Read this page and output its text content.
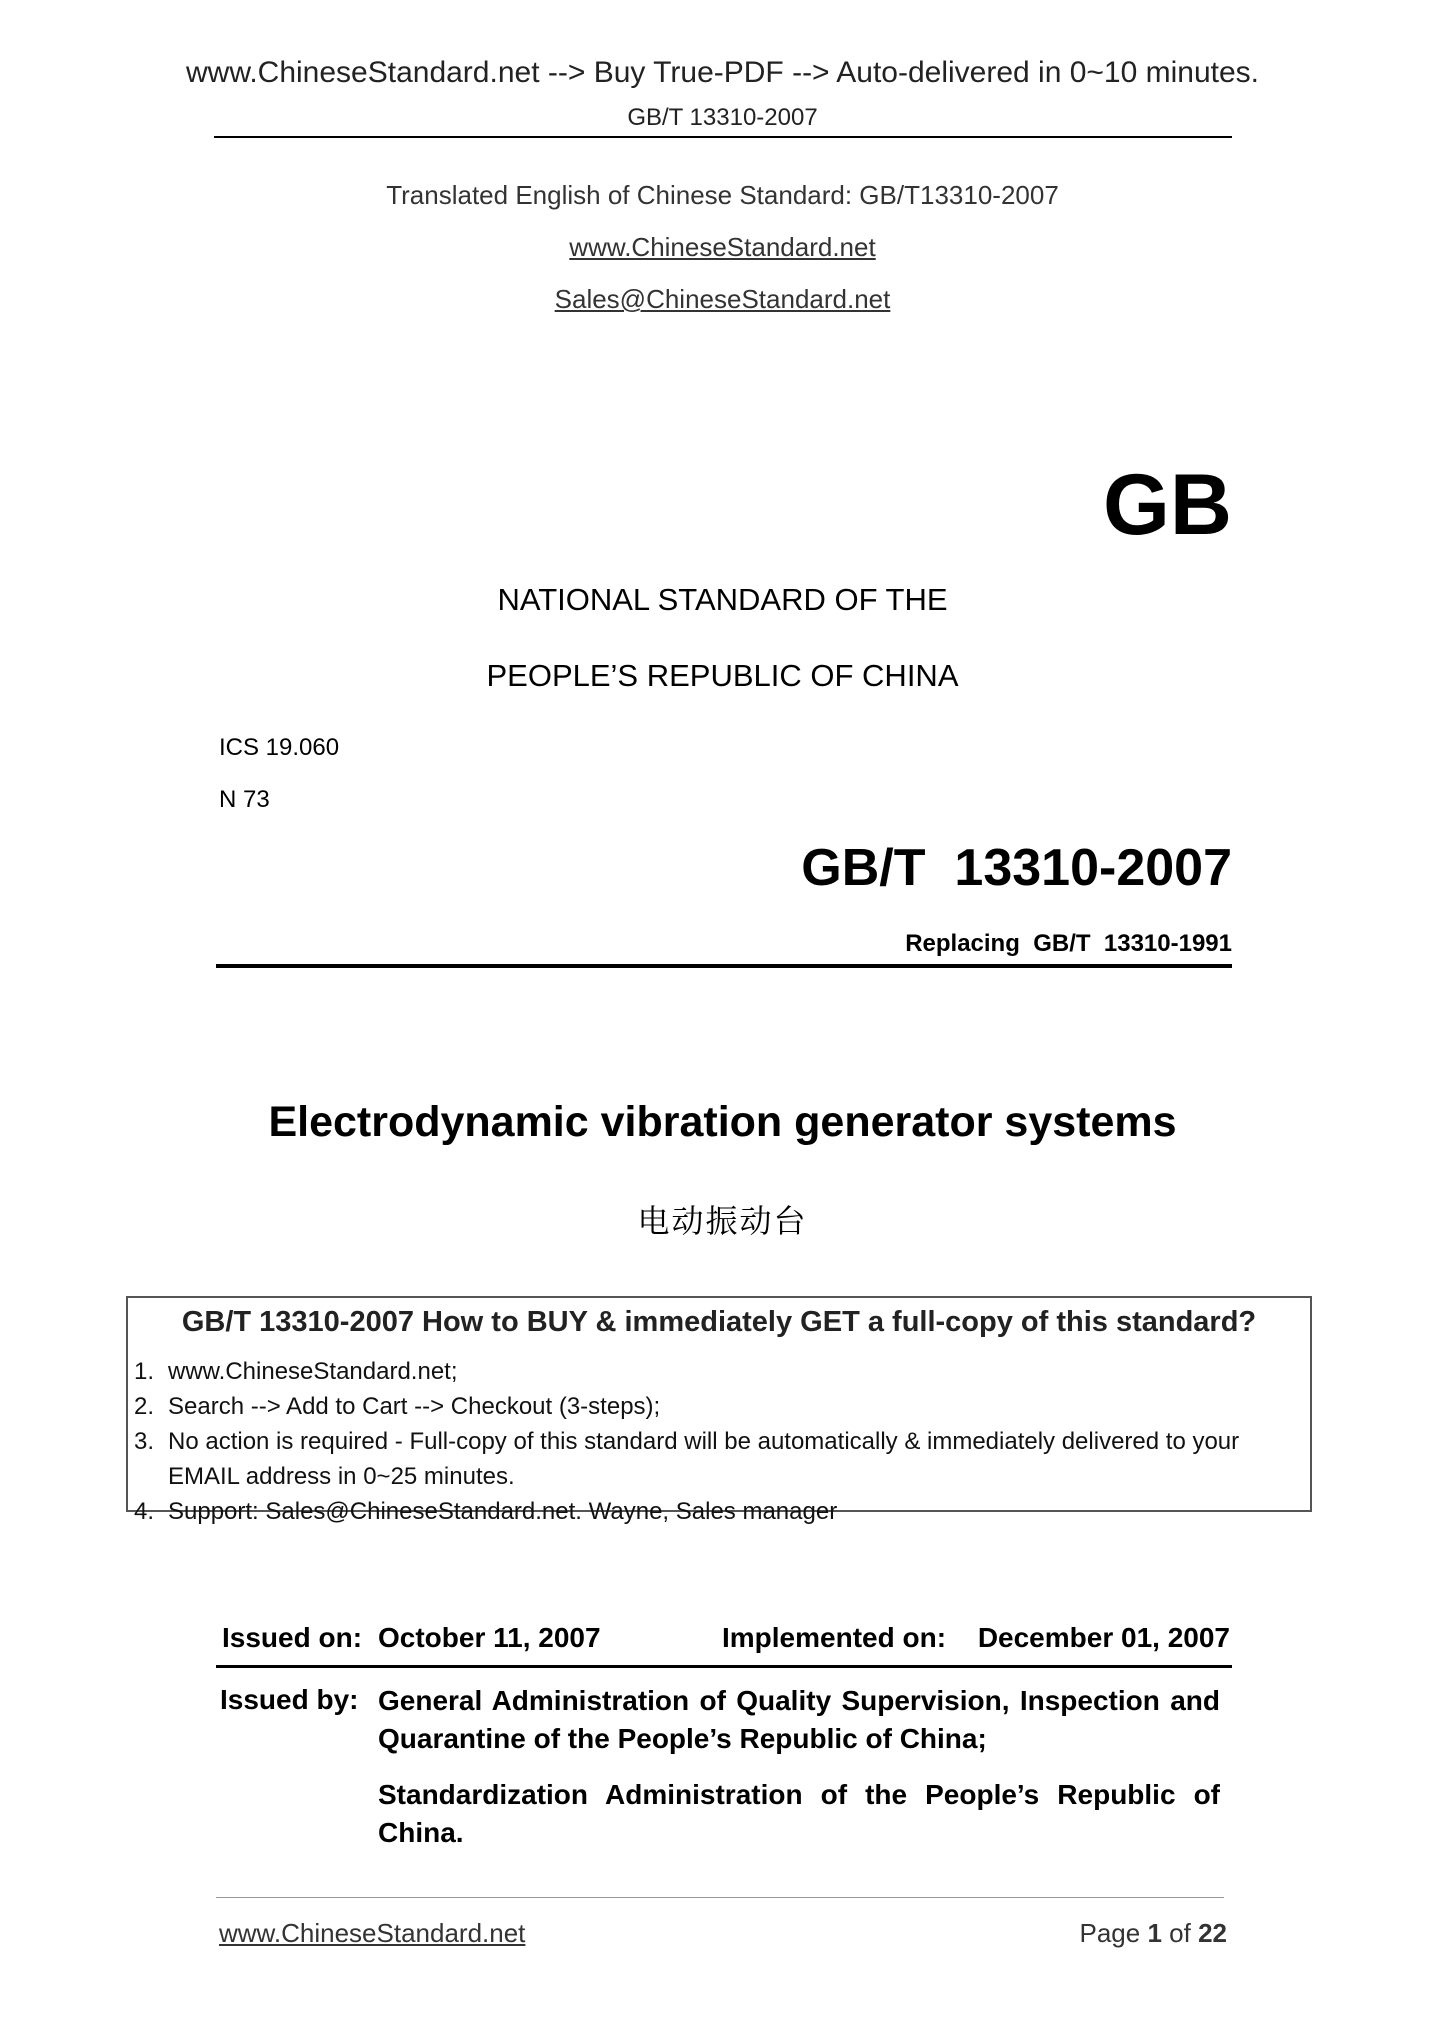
www.ChineseStandard.net --> Buy True-PDF --> Auto-delivered in 0~10 minutes.
GB/T 13310-2007
Translated English of Chinese Standard: GB/T13310-2007
www.ChineseStandard.net
Sales@ChineseStandard.net
GB
NATIONAL STANDARD OF THE
PEOPLE’S REPUBLIC OF CHINA
ICS 19.060
N 73
GB/T  13310-2007
Replacing  GB/T  13310-1991
Electrodynamic vibration generator systems
电动振动台
GB/T 13310-2007 How to BUY & immediately GET a full-copy of this standard?
1. www.ChineseStandard.net;
2. Search --> Add to Cart --> Checkout (3-steps);
3. No action is required - Full-copy of this standard will be automatically & immediately delivered to your EMAIL address in 0~25 minutes.
4. Support: Sales@ChineseStandard.net. Wayne, Sales manager
Issued on: October 11, 2007	Implemented on: December 01, 2007
Issued by: General Administration of Quality Supervision, Inspection and Quarantine of the People’s Republic of China;
Standardization Administration of the People’s Republic of China.
www.ChineseStandard.net	Page 1 of 22
